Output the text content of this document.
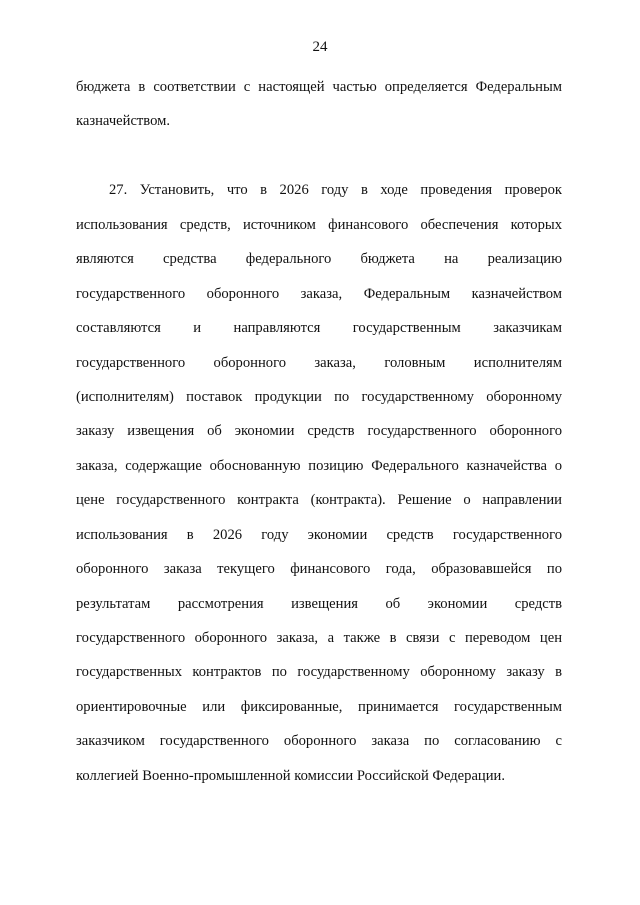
24
бюджета в соответствии с настоящей частью определяется Федеральным
казначейством.
27. Установить, что в 2026 году в ходе проведения проверок
использования средств, источником финансового обеспечения которых
являются средства федерального бюджета на реализацию
государственного оборонного заказа, Федеральным казначейством
составляются и направляются государственным заказчикам
государственного оборонного заказа, головным исполнителям
(исполнителям) поставок продукции по государственному оборонному
заказу извещения об экономии средств государственного оборонного
заказа, содержащие обоснованную позицию Федерального казначейства о
цене государственного контракта (контракта). Решение о направлении
использования в 2026 году экономии средств государственного
оборонного заказа текущего финансового года, образовавшейся по
результатам рассмотрения извещения об экономии средств
государственного оборонного заказа, а также в связи с переводом цен
государственных контрактов по государственному оборонному заказу в
ориентировочные или фиксированные, принимается государственным
заказчиком государственного оборонного заказа по согласованию с
коллегией Военно-промышленной комиссии Российской Федерации.
